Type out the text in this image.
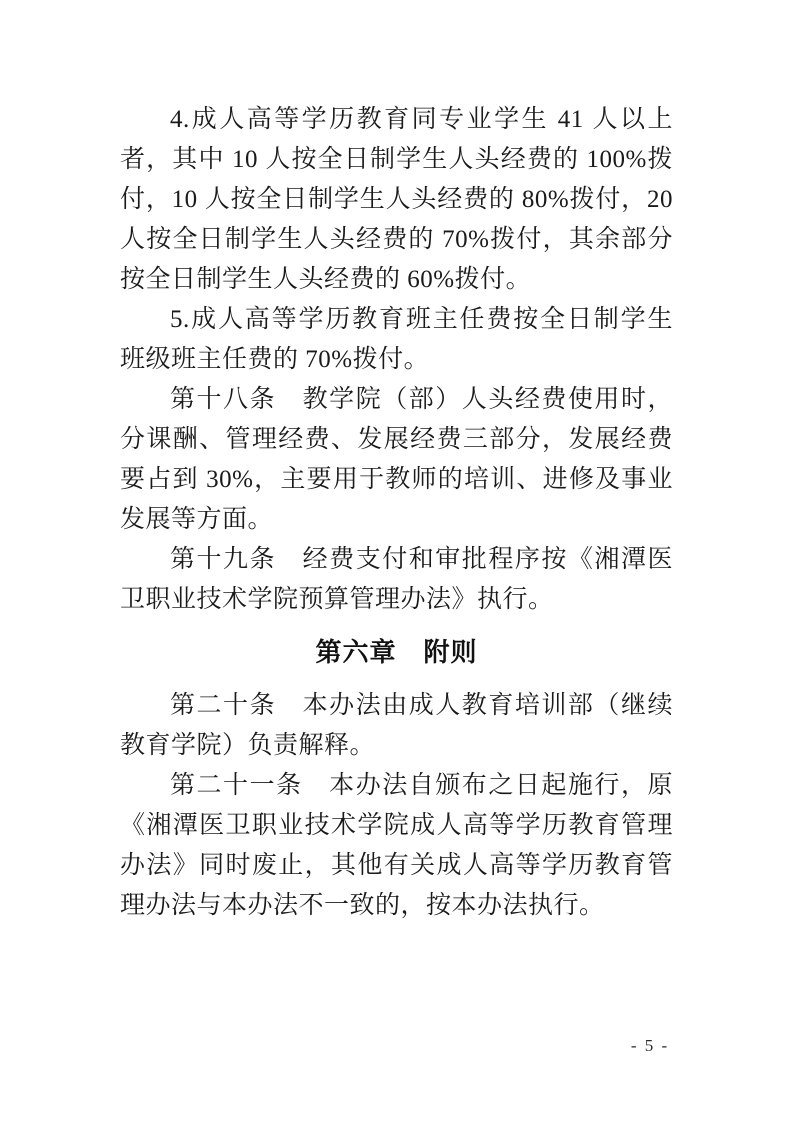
4.成人高等学历教育同专业学生 41 人以上者，其中 10 人按全日制学生人头经费的 100%拨付，10 人按全日制学生人头经费的 80%拨付，20 人按全日制学生人头经费的 70%拨付，其余部分按全日制学生人头经费的 60%拨付。

5.成人高等学历教育班主任费按全日制学生班级班主任费的 70%拨付。

第十八条　教学院（部）人头经费使用时，分课酬、管理经费、发展经费三部分，发展经费要占到 30%，主要用于教师的培训、进修及事业发展等方面。

第十九条　经费支付和审批程序按《湘潭医卫职业技术学院预算管理办法》执行。

第六章　附则

第二十条　本办法由成人教育培训部（继续教育学院）负责解释。

第二十一条　本办法自颁布之日起施行，原《湘潭医卫职业技术学院成人高等学历教育管理办法》同时废止，其他有关成人高等学历教育管理办法与本办法不一致的，按本办法执行。

- 5 -
